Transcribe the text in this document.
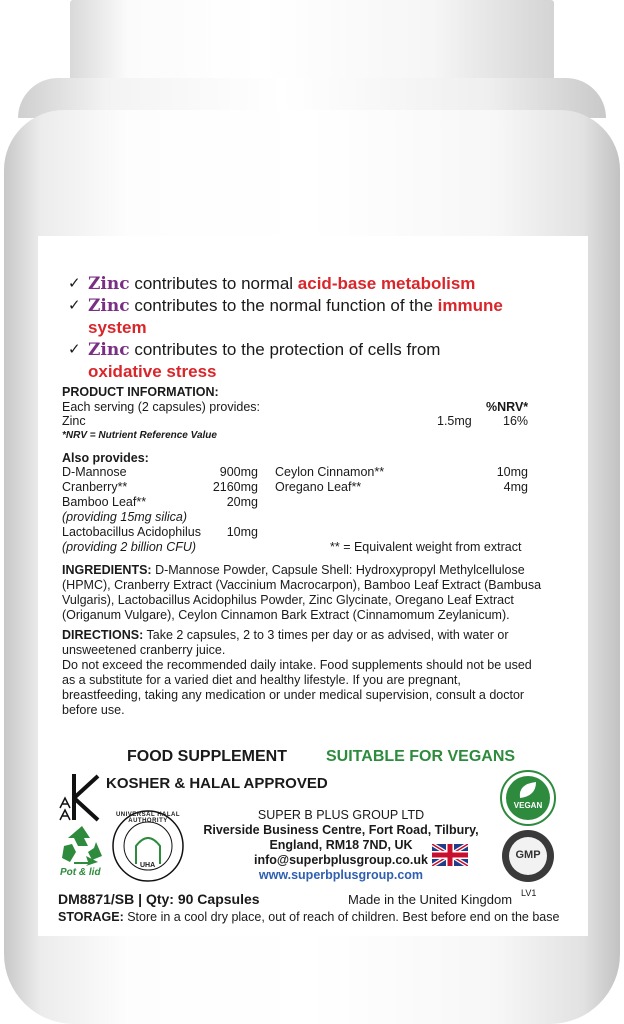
✓ Zinc contributes to normal acid-base metabolism
✓ Zinc contributes to the normal function of the immune
system
✓ Zinc contributes to the protection of cells from
oxidative stress
PRODUCT INFORMATION:
Each serving (2 capsules) provides:	%NRV*
Zinc	1.5mg	16%
*NRV = Nutrient Reference Value
Also provides:
D-Mannose	900mg
Cranberry**	2160mg
Bamboo Leaf**	20mg
(providing 15mg silica)
Lactobacillus Acidophilus 10mg
(providing 2 billion CFU)
Ceylon Cinnamon**	10mg
Oregano Leaf**	4mg
** = Equivalent weight from extract
INGREDIENTS: D-Mannose Powder, Capsule Shell: Hydroxypropyl Methylcellulose
(HPMC), Cranberry Extract (Vaccinium Macrocarpon), Bamboo Leaf Extract (Bambusa
Vulgaris), Lactobacillus Acidophilus Powder, Zinc Glycinate, Oregano Leaf Extract
(Origanum Vulgare), Ceylon Cinnamon Bark Extract (Cinnamomum Zeylanicum).
DIRECTIONS: Take 2 capsules, 2 to 3 times per day or as advised, with water or
unsweetened cranberry juice.
Do not exceed the recommended daily intake. Food supplements should not be used
as a substitute for a varied diet and healthy lifestyle. If you are pregnant,
breastfeeding, taking any medication or under medical supervision, consult a doctor
before use.
FOOD SUPPLEMENT SUITABLE FOR VEGANS
KOSHER & HALAL APPROVED
Pot & lid
UNIVERSAL HALAL AUTHORITY
UHA
SUPER B PLUS GROUP LTD
Riverside Business Centre, Fort Road, Tilbury,
England, RM18 7ND, UK
info@superbplusgroup.co.uk
www.superbplusgroup.com
VEGAN
GMP
DM8871/SB | Qty: 90 Capsules	Made in the United Kingdom LV1
STORAGE: Store in a cool dry place, out of reach of children. Best before end on the base
